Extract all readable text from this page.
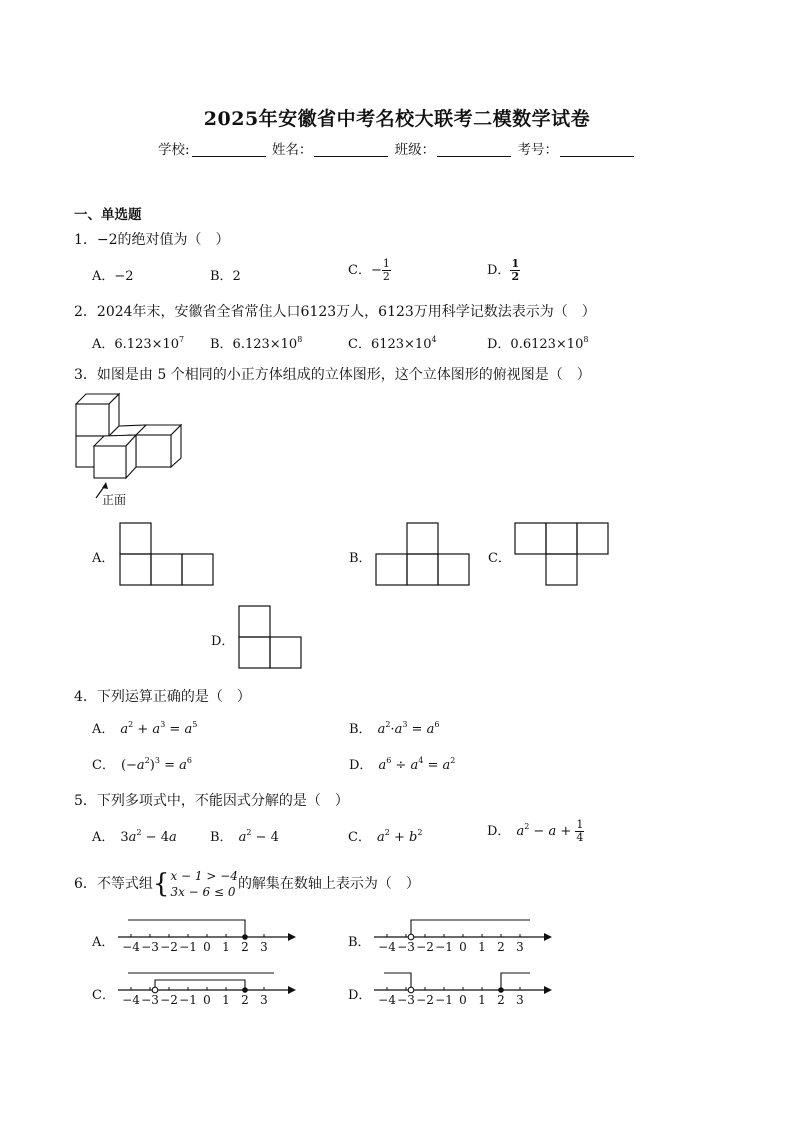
2025年安徽省中考名校大联考二模数学试卷
学校:	姓名：	班级：	考号：
一、单选题
1．−2的绝对值为（　）
A．−2	B．2	C．− $\frac{1}{2}$	D． $\frac{1}{2}$
2．2024年末，安徽省全省常住人口6123万人，6123万用科学记数法表示为（　）
A．$6.123\times 10^7$ B．$6.123\times 10^8$	C．$6123\times 10^4$	D．$0.6123\times 10^8$
3．如图是由 5 个相同的小正方体组成的立体图形，这个立体图形的俯视图是（　）
正面
A．	B．	C．
D．
4．下列运算正确的是（　）
A． $a^2 + a^3 = a^5$	B． $a^2\cdot a^3 = a^6$
C． $(-a^2)^3 = a^6$	D． $a^6 \div a^4 = a^2$
5．下列多项式中，不能因式分解的是（　）
A． $3a^2 - 4a$	B． $a^2 - 4$	C． $a^2 + b^2$	D． $a^2 - a + \frac{1}{4}$
6．不等式组{ x − 1 > −4
3x − 6 ≤ 0 的解集在数轴上表示为（　）
A． −4 −3 −2 −1 0 1 2 3	B． −4 −3 −2 −1 0 1 2 3
C． −4 −3 −2 −1 0 1 2 3	D． −4 −3 −2 −1 0 1 2 3
